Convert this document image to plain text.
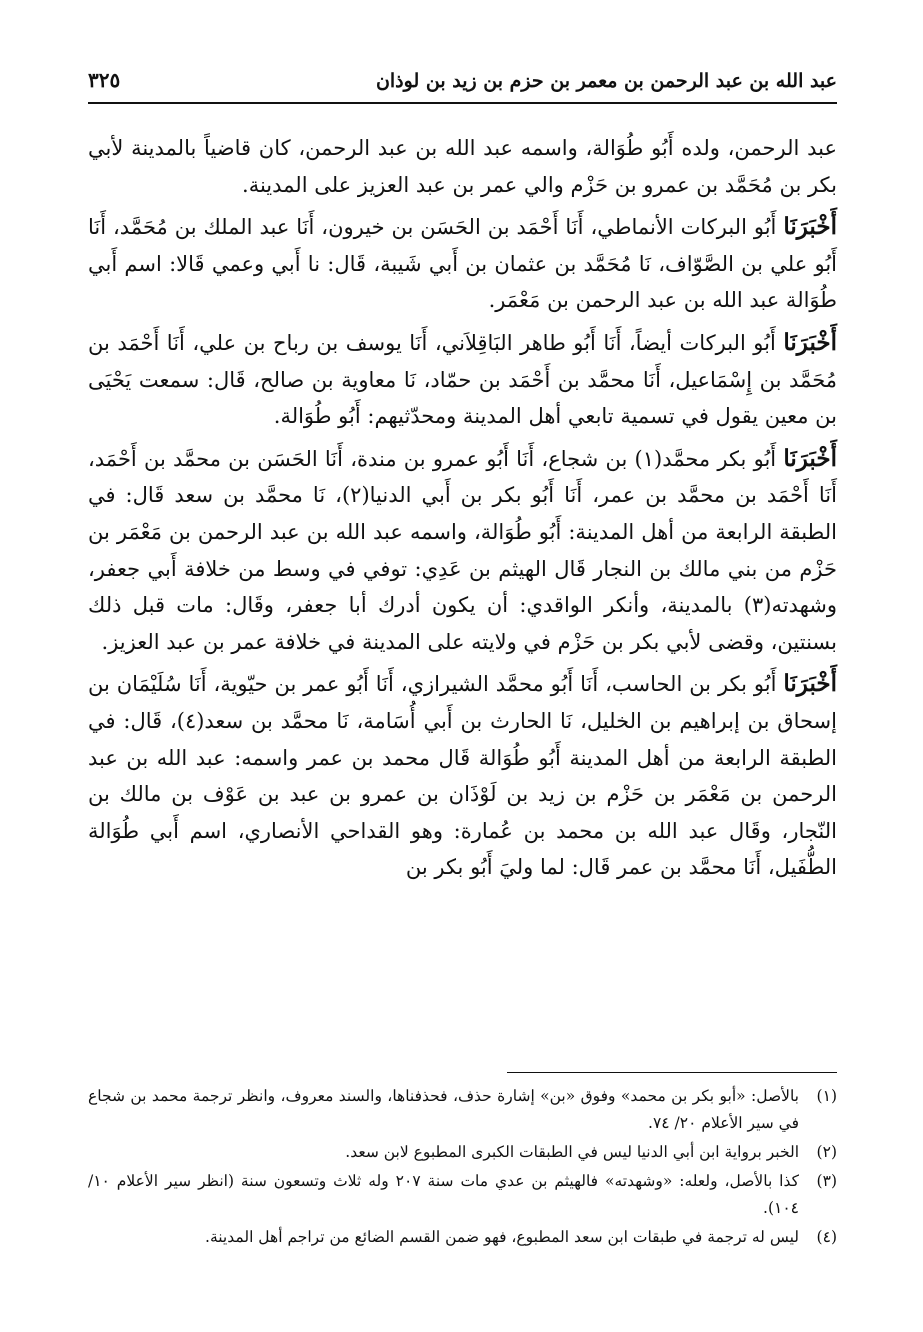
عبد الله بن عبد الرحمن بن معمر بن حزم بن زيد بن لوذان
٣٢٥

عبد الرحمن، ولده أَبُو طُوَالة، واسمه عبد الله بن عبد الرحمن، كان قاضياً بالمدينة لأبي بكر بن مُحَمَّد بن عمرو بن حَزْم والي عمر بن عبد العزيز على المدينة.

أَخْبَرَنَا أَبُو البركات الأنماطي، أَنَا أَحْمَد بن الحَسَن بن خيرون، أَنَا عبد الملك بن مُحَمَّد، أَنَا أَبُو علي بن الصَّوّاف، نَا مُحَمَّد بن عثمان بن أَبي شَيبة، قَال: نا أَبي وعمي قَالا: اسم أَبي طُوَالة عبد الله بن عبد الرحمن بن مَعْمَر.

أَخْبَرَنَا أَبُو البركات أيضاً، أَنَا أَبُو طاهر البَاقِلاَني، أَنَا يوسف بن رباح بن علي، أَنَا أَحْمَد بن مُحَمَّد بن إِسْمَاعيل، أَنَا محمَّد بن أَحْمَد بن حمّاد، نَا معاوية بن صالح، قَال: سمعت يَحْيَى بن معين يقول في تسمية تابعي أهل المدينة ومحدّثيهم: أَبُو طُوَالة.

أَخْبَرَنَا أَبُو بكر محمَّد(١) بن شجاع، أَنَا أَبُو عمرو بن مندة، أَنَا الحَسَن بن محمَّد بن أَحْمَد، أَنَا أَحْمَد بن محمَّد بن عمر، أَنَا أَبُو بكر بن أَبي الدنيا(٢)، نَا محمَّد بن سعد قَال: في الطبقة الرابعة من أهل المدينة: أَبُو طُوَالة، واسمه عبد الله بن عبد الرحمن بن مَعْمَر بن حَزْم من بني مالك بن النجار قَال الهيثم بن عَدِي: توفي في وسط من خلافة أَبي جعفر، وشهدته(٣) بالمدينة، وأنكر الواقدي: أن يكون أدرك أبا جعفر، وقَال: مات قبل ذلك بسنتين، وقضى لأبي بكر بن حَزْم في ولايته على المدينة في خلافة عمر بن عبد العزيز.

أَخْبَرَنَا أَبُو بكر بن الحاسب، أَنَا أَبُو محمَّد الشيرازي، أَنَا أَبُو عمر بن حيّوية، أَنَا سُلَيْمَان بن إسحاق بن إبراهيم بن الخليل، نَا الحارث بن أَبي أُسَامة، نَا محمَّد بن سعد(٤)، قَال: في الطبقة الرابعة من أهل المدينة أَبُو طُوَالة قَال محمد بن عمر واسمه: عبد الله بن عبد الرحمن بن مَعْمَر بن حَزْم بن زيد بن لَوْذَان بن عمرو بن عبد بن عَوْف بن مالك بن النّجار، وقَال عبد الله بن محمد بن عُمارة: وهو القداحي الأنصاري، اسم أَبي طُوَالة الطُّفَيل، أَنَا محمَّد بن عمر قَال: لما وليَ أَبُو بكر بن

(١)
بالأصل: «أبو بكر بن محمد» وفوق «بن» إشارة حذف، فحذفناها، والسند معروف، وانظر ترجمة محمد بن شجاع في سير الأعلام ٢٠/ ٧٤.
(٢)
الخبر برواية ابن أبي الدنيا ليس في الطبقات الكبرى المطبوع لابن سعد.
(٣)
كذا بالأصل، ولعله: «وشهدته» فالهيثم بن عدي مات سنة ٢٠٧ وله ثلاث وتسعون سنة (انظر سير الأعلام ١٠/ ١٠٤).
(٤)
ليس له ترجمة في طبقات ابن سعد المطبوع، فهو ضمن القسم الضائع من تراجم أهل المدينة.
